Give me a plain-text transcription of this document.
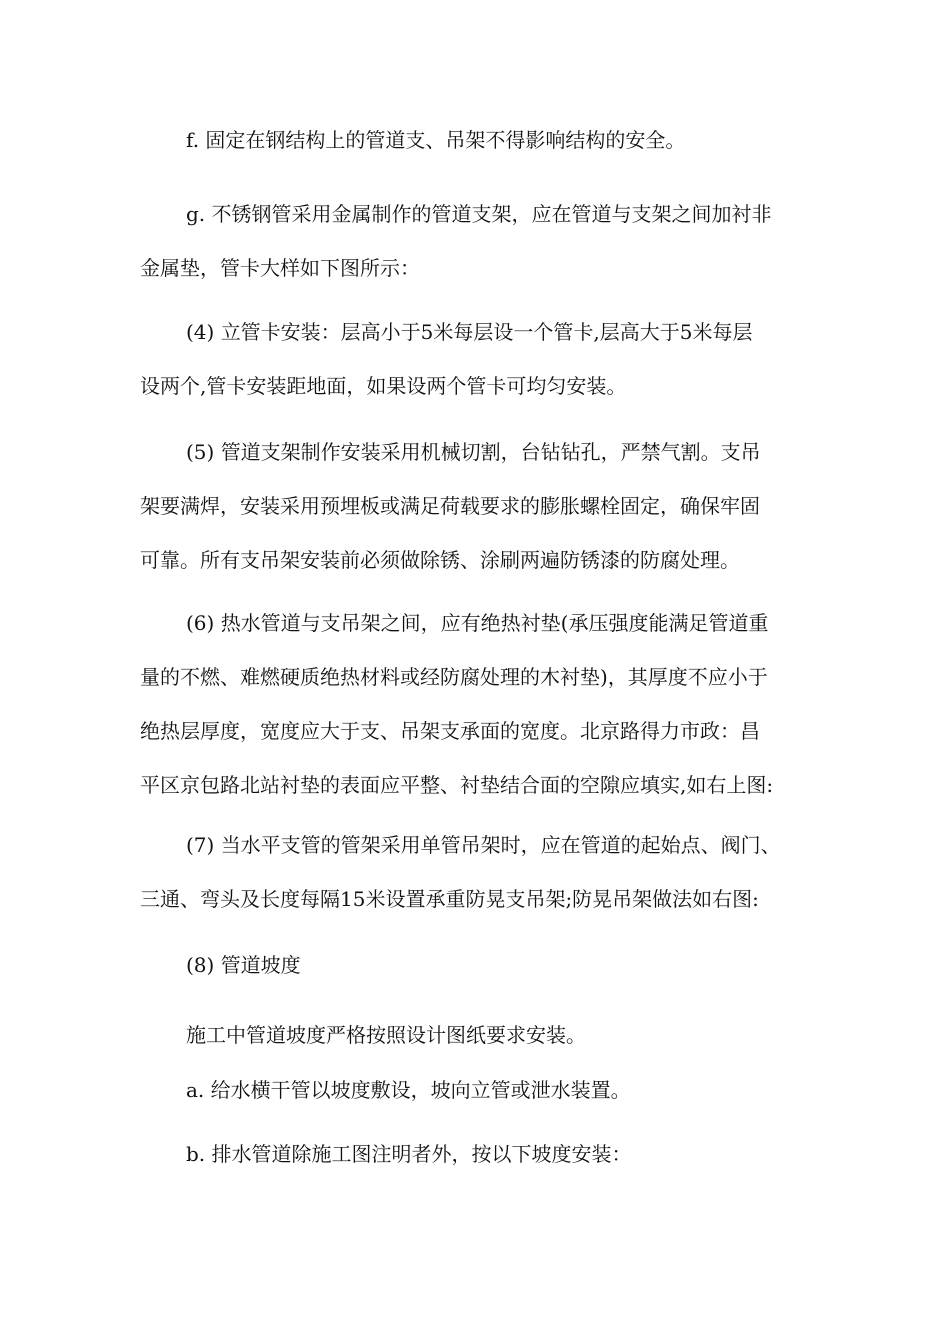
f. 固定在钢结构上的管道支、吊架不得影响结构的安全。

g. 不锈钢管采用金属制作的管道支架，应在管道与支架之间加衬非
金属垫，管卡大样如下图所示：

(4) 立管卡安装：层高小于5米每层设一个管卡,层高大于5米每层
设两个,管卡安装距地面，如果设两个管卡可均匀安装。

(5) 管道支架制作安装采用机械切割，台钻钻孔，严禁气割。支吊
架要满焊，安装采用预埋板或满足荷载要求的膨胀螺栓固定，确保牢固
可靠。所有支吊架安装前必须做除锈、涂刷两遍防锈漆的防腐处理。

(6) 热水管道与支吊架之间，应有绝热衬垫(承压强度能满足管道重
量的不燃、难燃硬质绝热材料或经防腐处理的木衬垫)，其厚度不应小于
绝热层厚度，宽度应大于支、吊架支承面的宽度。北京路得力市政：昌
平区京包路北站衬垫的表面应平整、衬垫结合面的空隙应填实,如右上图:

(7) 当水平支管的管架采用单管吊架时，应在管道的起始点、阀门、
三通、弯头及长度每隔15米设置承重防晃支吊架;防晃吊架做法如右图:

(8) 管道坡度

施工中管道坡度严格按照设计图纸要求安装。

a. 给水横干管以坡度敷设，坡向立管或泄水装置。

b. 排水管道除施工图注明者外，按以下坡度安装：
